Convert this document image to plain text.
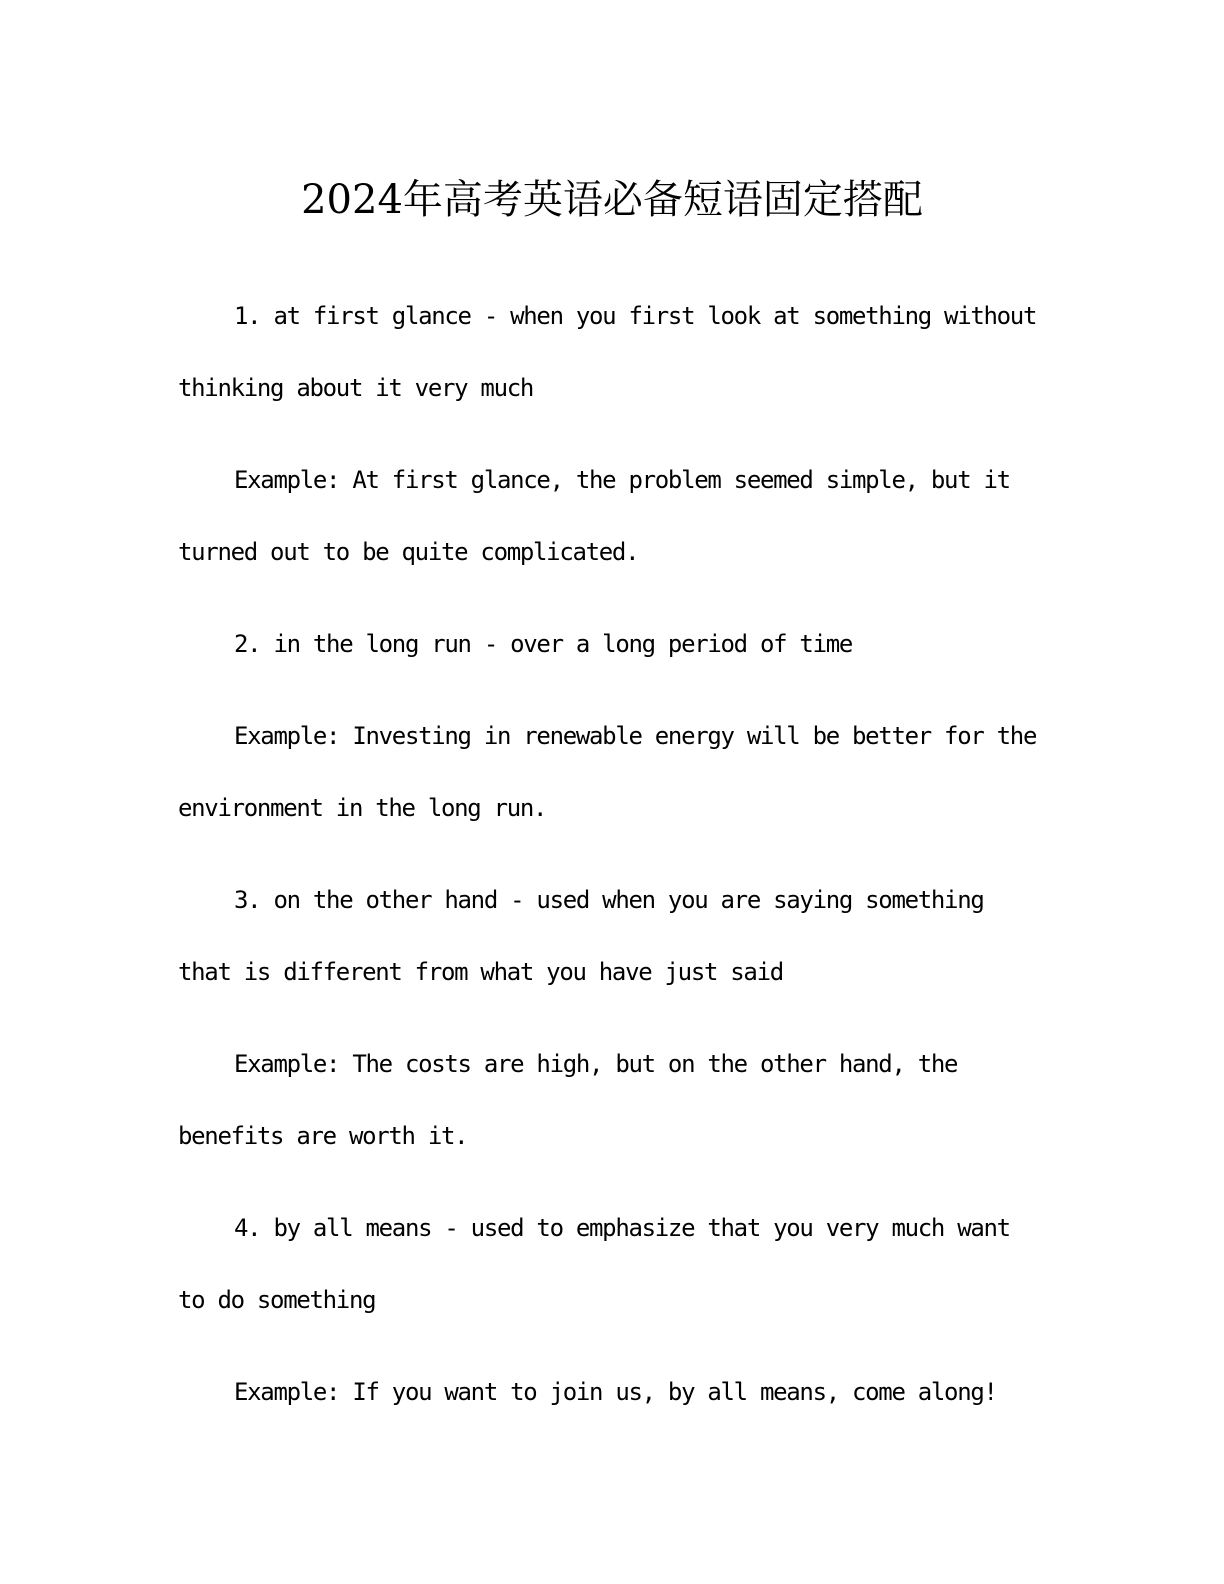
2024年高考英语必备短语固定搭配

1. at first glance - when you first look at something without thinking about it very much

Example: At first glance, the problem seemed simple, but it turned out to be quite complicated.

2. in the long run - over a long period of time

Example: Investing in renewable energy will be better for the environment in the long run.

3. on the other hand - used when you are saying something that is different from what you have just said

Example: The costs are high, but on the other hand, the benefits are worth it.

4. by all means - used to emphasize that you very much want to do something

Example: If you want to join us, by all means, come along!
